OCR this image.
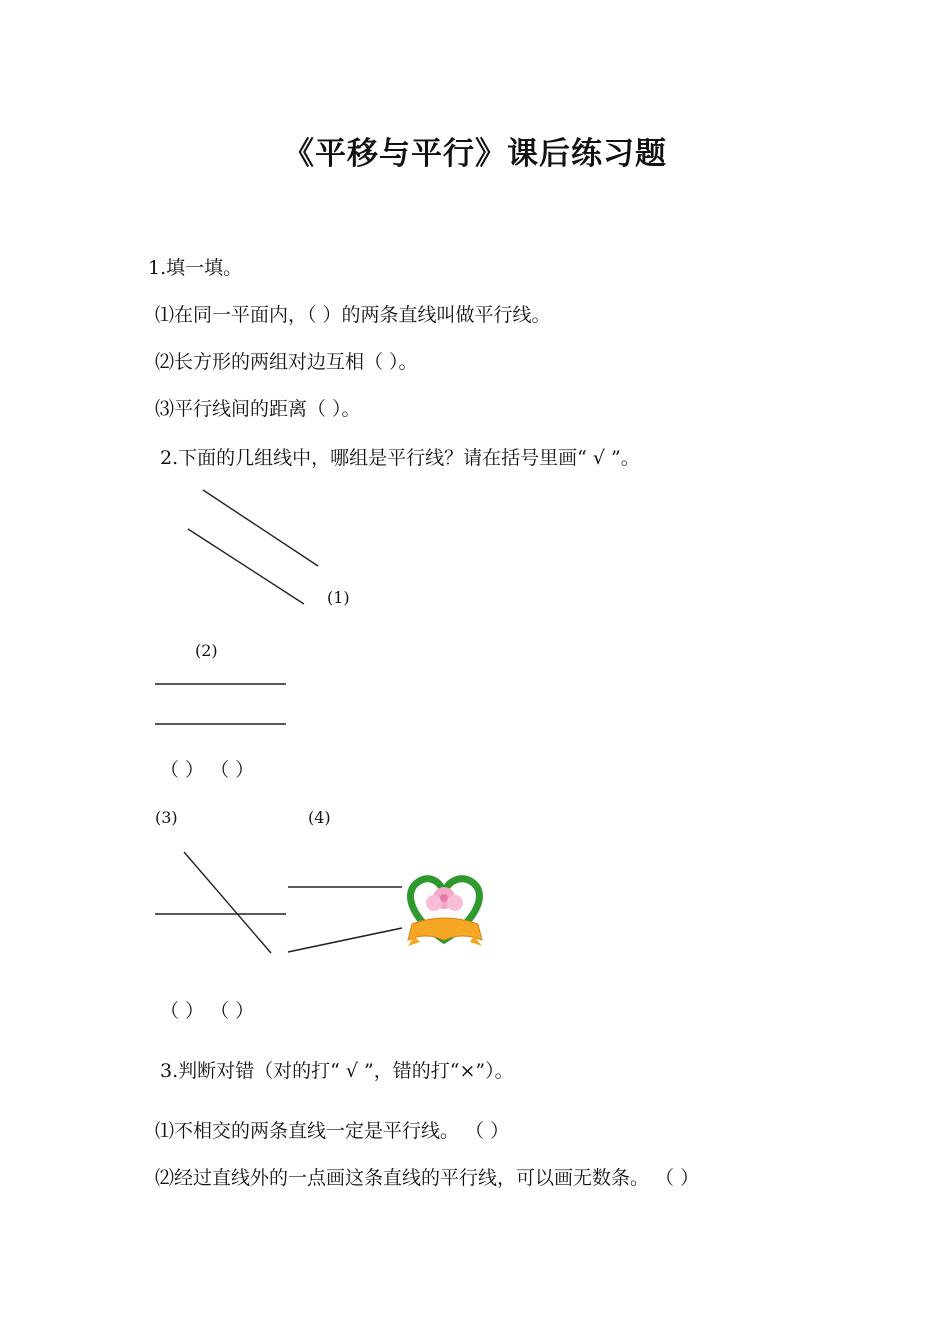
《平移与平行》课后练习题
1.填一填。
⑴在同一平面内，（ ）的两条直线叫做平行线。
⑵长方形的两组对边互相（ ）。
⑶平行线间的距离（ ）。
2.下面的几组线中，哪组是平行线？请在括号里画“ √ ”。
(1)
(2)
（ ） （ ）
(3)	(4)
（ ） （ ）
3.判断对错（对的打“ √ ”，错的打“×”）。
⑴不相交的两条直线一定是平行线。 （ ）
⑵经过直线外的一点画这条直线的平行线，可以画无数条。 （ ）
